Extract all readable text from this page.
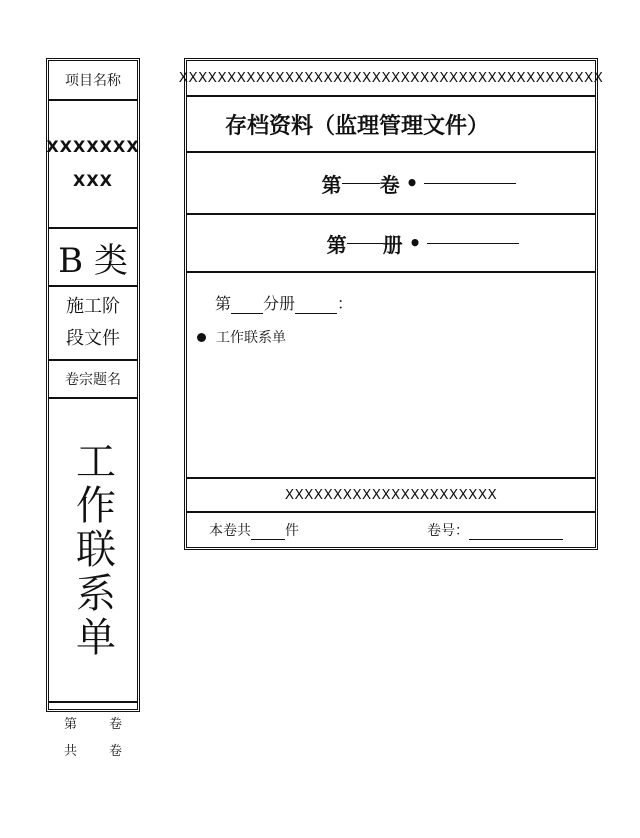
项目名称
XXXXXXX
XXX
B 类
施工阶
段文件
卷宗题名
工作联系单
第 卷
共 卷
XXXXXXXXXXXXXXXXXXXXXXXXXXXXXXXXXXXXXXXXXXXX
存档资料（监理管理文件）
第 卷 •
第 册 •
第 分册	：
工作联系单
XXXXXXXXXXXXXXXXXXXXXX
本卷共 件	卷号：
